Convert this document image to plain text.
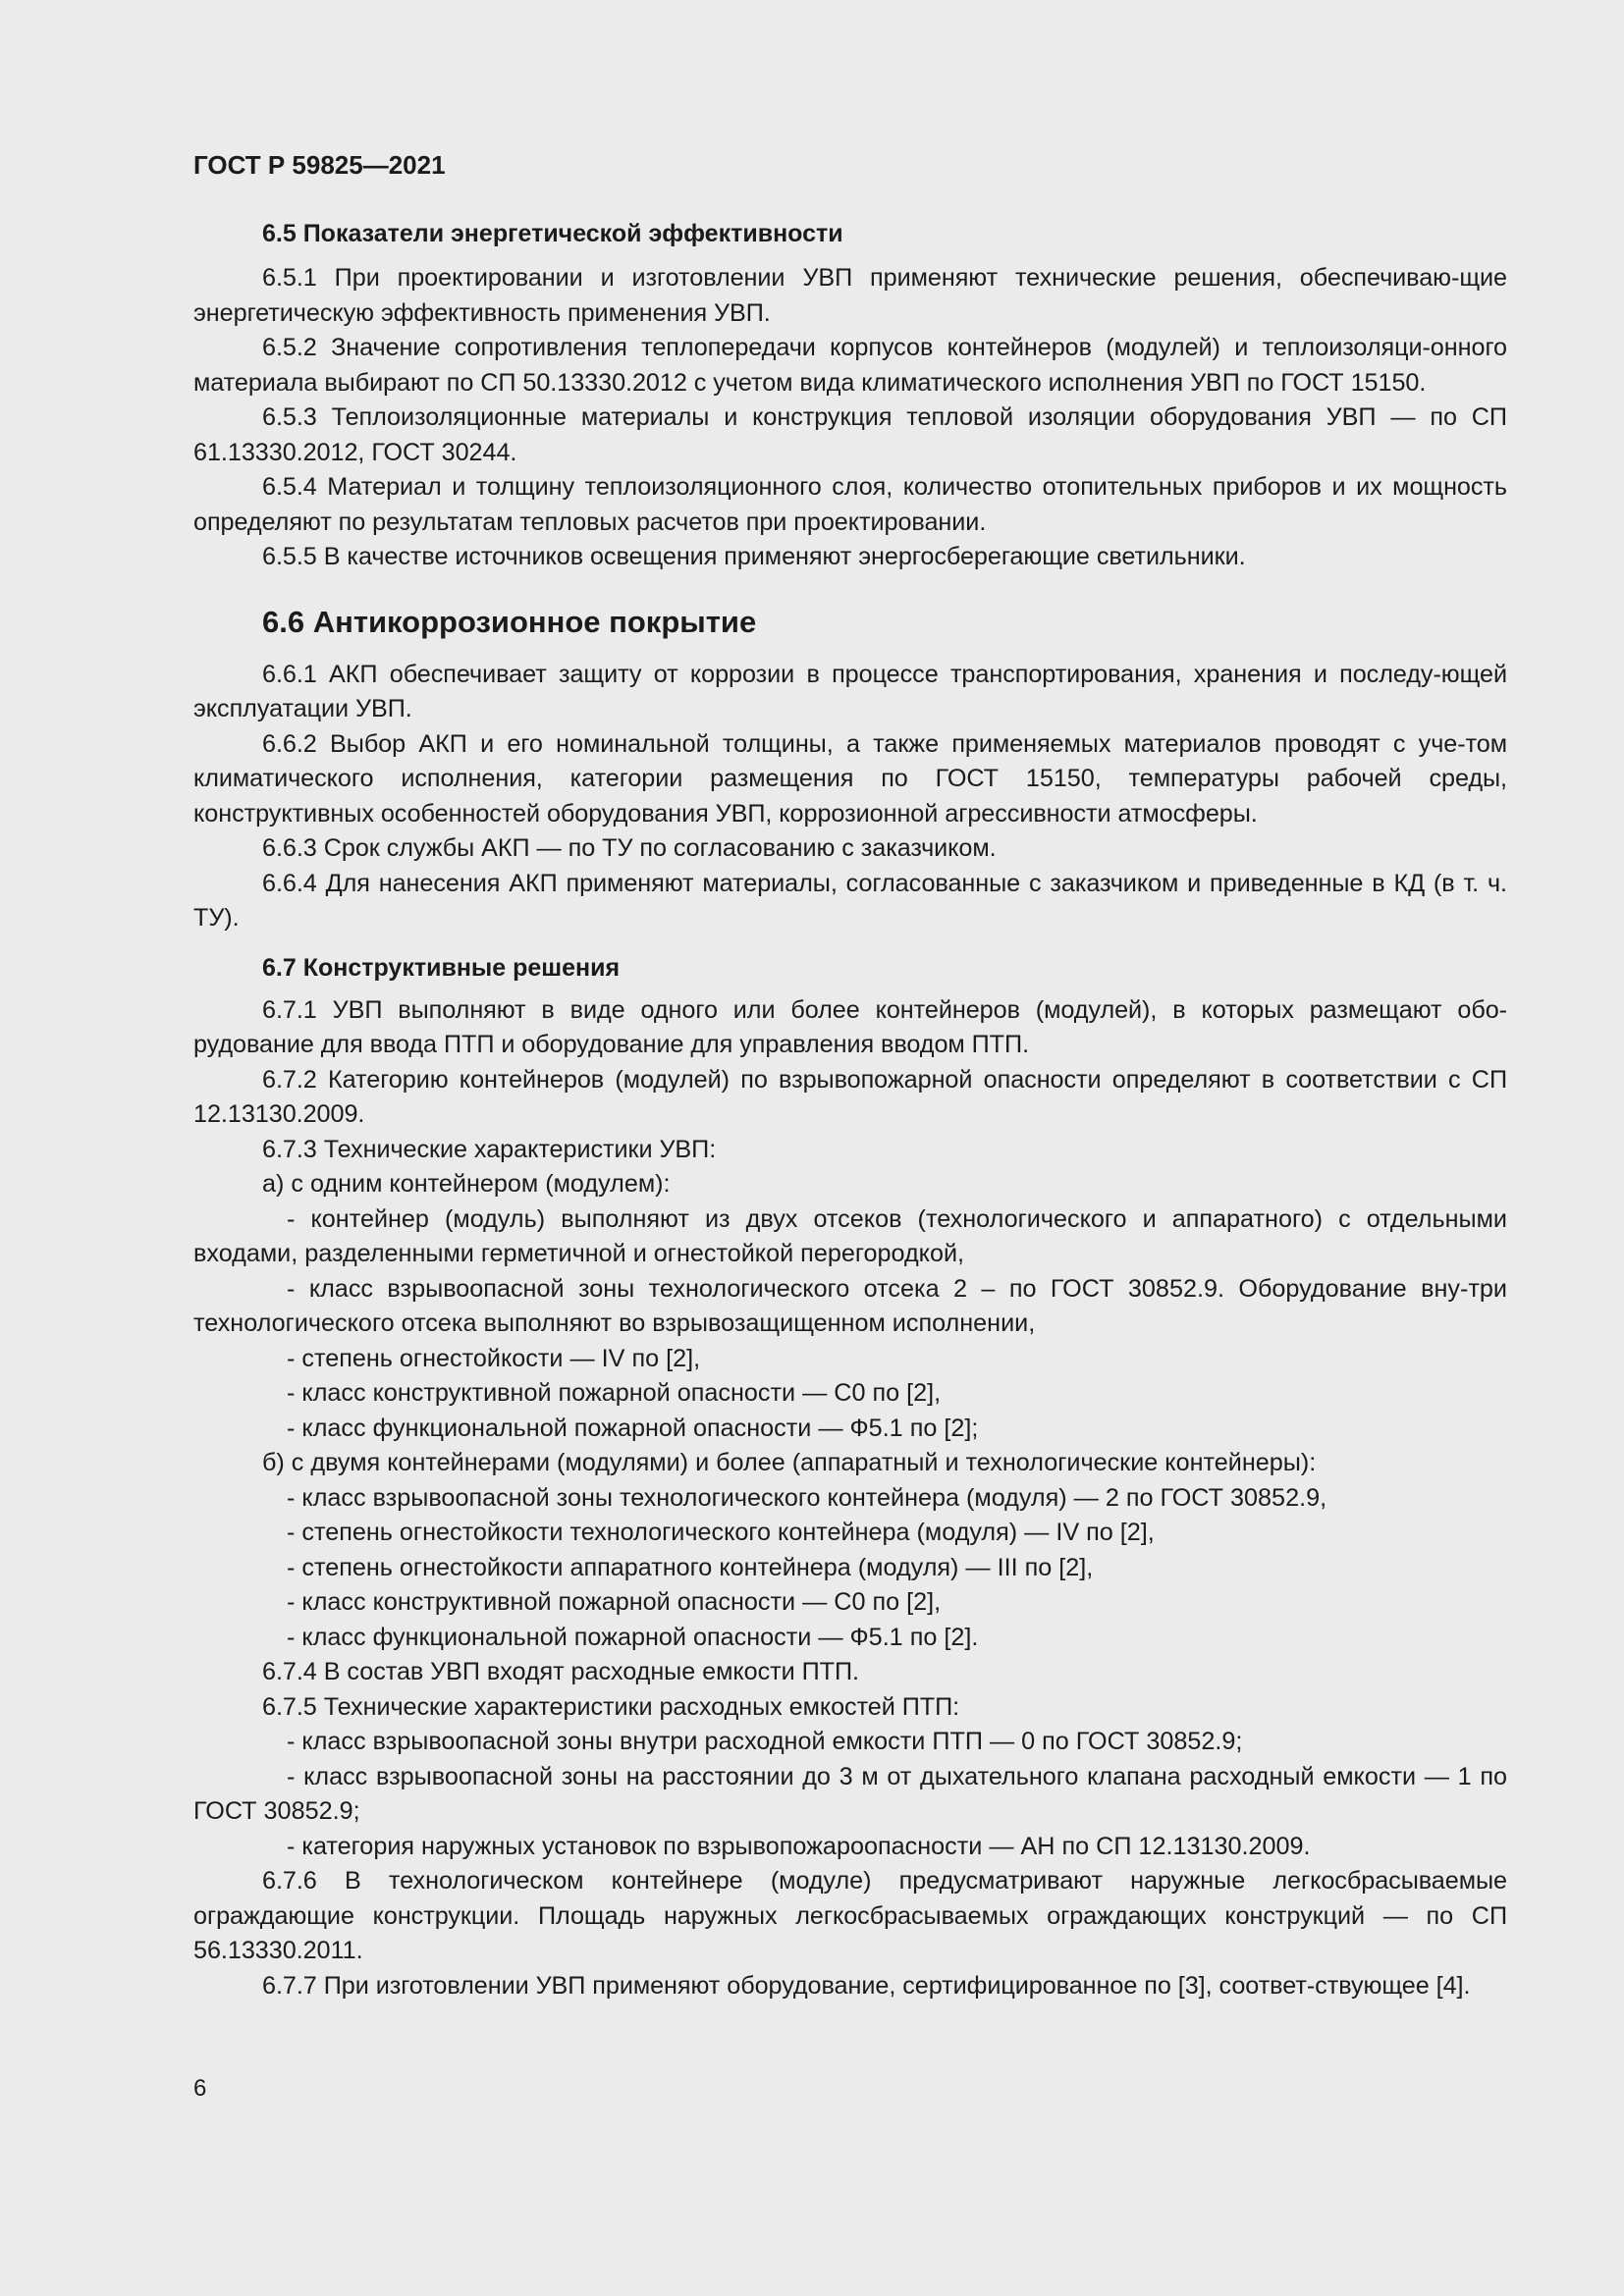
ГОСТ Р 59825—2021

6.5 Показатели энергетической эффективности

6.5.1 При проектировании и изготовлении УВП применяют технические решения, обеспечиваю-щие энергетическую эффективность применения УВП.

6.5.2 Значение сопротивления теплопередачи корпусов контейнеров (модулей) и теплоизоляци-онного материала выбирают по СП 50.13330.2012 с учетом вида климатического исполнения УВП по ГОСТ 15150.

6.5.3 Теплоизоляционные материалы и конструкция тепловой изоляции оборудования УВП — по СП 61.13330.2012, ГОСТ 30244.

6.5.4 Материал и толщину теплоизоляционного слоя, количество отопительных приборов и их мощность определяют по результатам тепловых расчетов при проектировании.

6.5.5 В качестве источников освещения применяют энергосберегающие светильники.

6.6 Антикоррозионное покрытие

6.6.1 АКП обеспечивает защиту от коррозии в процессе транспортирования, хранения и последу-ющей эксплуатации УВП.

6.6.2 Выбор АКП и его номинальной толщины, а также применяемых материалов проводят с уче-том климатического исполнения, категории размещения по ГОСТ 15150, температуры рабочей среды, конструктивных особенностей оборудования УВП, коррозионной агрессивности атмосферы.

6.6.3 Срок службы АКП — по ТУ по согласованию с заказчиком.

6.6.4 Для нанесения АКП применяют материалы, согласованные с заказчиком и приведенные в КД (в т. ч. ТУ).

6.7 Конструктивные решения

6.7.1 УВП выполняют в виде одного или более контейнеров (модулей), в которых размещают обо-рудование для ввода ПТП и оборудование для управления вводом ПТП.

6.7.2 Категорию контейнеров (модулей) по взрывопожарной опасности определяют в соответствии с СП 12.13130.2009.

6.7.3 Технические характеристики УВП:

а) с одним контейнером (модулем):

- контейнер (модуль) выполняют из двух отсеков (технологического и аппаратного) с отдельными входами, разделенными герметичной и огнестойкой перегородкой,

- класс взрывоопасной зоны технологического отсека 2 – по ГОСТ 30852.9. Оборудование вну-три технологического отсека выполняют во взрывозащищенном исполнении,

- степень огнестойкости — IV по [2],

- класс конструктивной пожарной опасности — С0 по [2],

- класс функциональной пожарной опасности — Ф5.1 по [2];

б) с двумя контейнерами (модулями) и более (аппаратный и технологические контейнеры):

- класс взрывоопасной зоны технологического контейнера (модуля) — 2 по ГОСТ 30852.9,

- степень огнестойкости технологического контейнера (модуля) — IV по [2],

- степень огнестойкости аппаратного контейнера (модуля) — III по [2],

- класс конструктивной пожарной опасности — С0 по [2],

- класс функциональной пожарной опасности — Ф5.1 по [2].

6.7.4 В состав УВП входят расходные емкости ПТП.

6.7.5 Технические характеристики расходных емкостей ПТП:

- класс взрывоопасной зоны внутри расходной емкости ПТП — 0 по ГОСТ 30852.9;

- класс взрывоопасной зоны на расстоянии до 3 м от дыхательного клапана расходный емкости — 1 по ГОСТ 30852.9;

- категория наружных установок по взрывопожароопасности — АН по СП 12.13130.2009.

6.7.6 В технологическом контейнере (модуле) предусматривают наружные легкосбрасываемые ограждающие конструкции. Площадь наружных легкосбрасываемых ограждающих конструкций — по СП 56.13330.2011.

6.7.7 При изготовлении УВП применяют оборудование, сертифицированное по [3], соответ-ствующее [4].

6
